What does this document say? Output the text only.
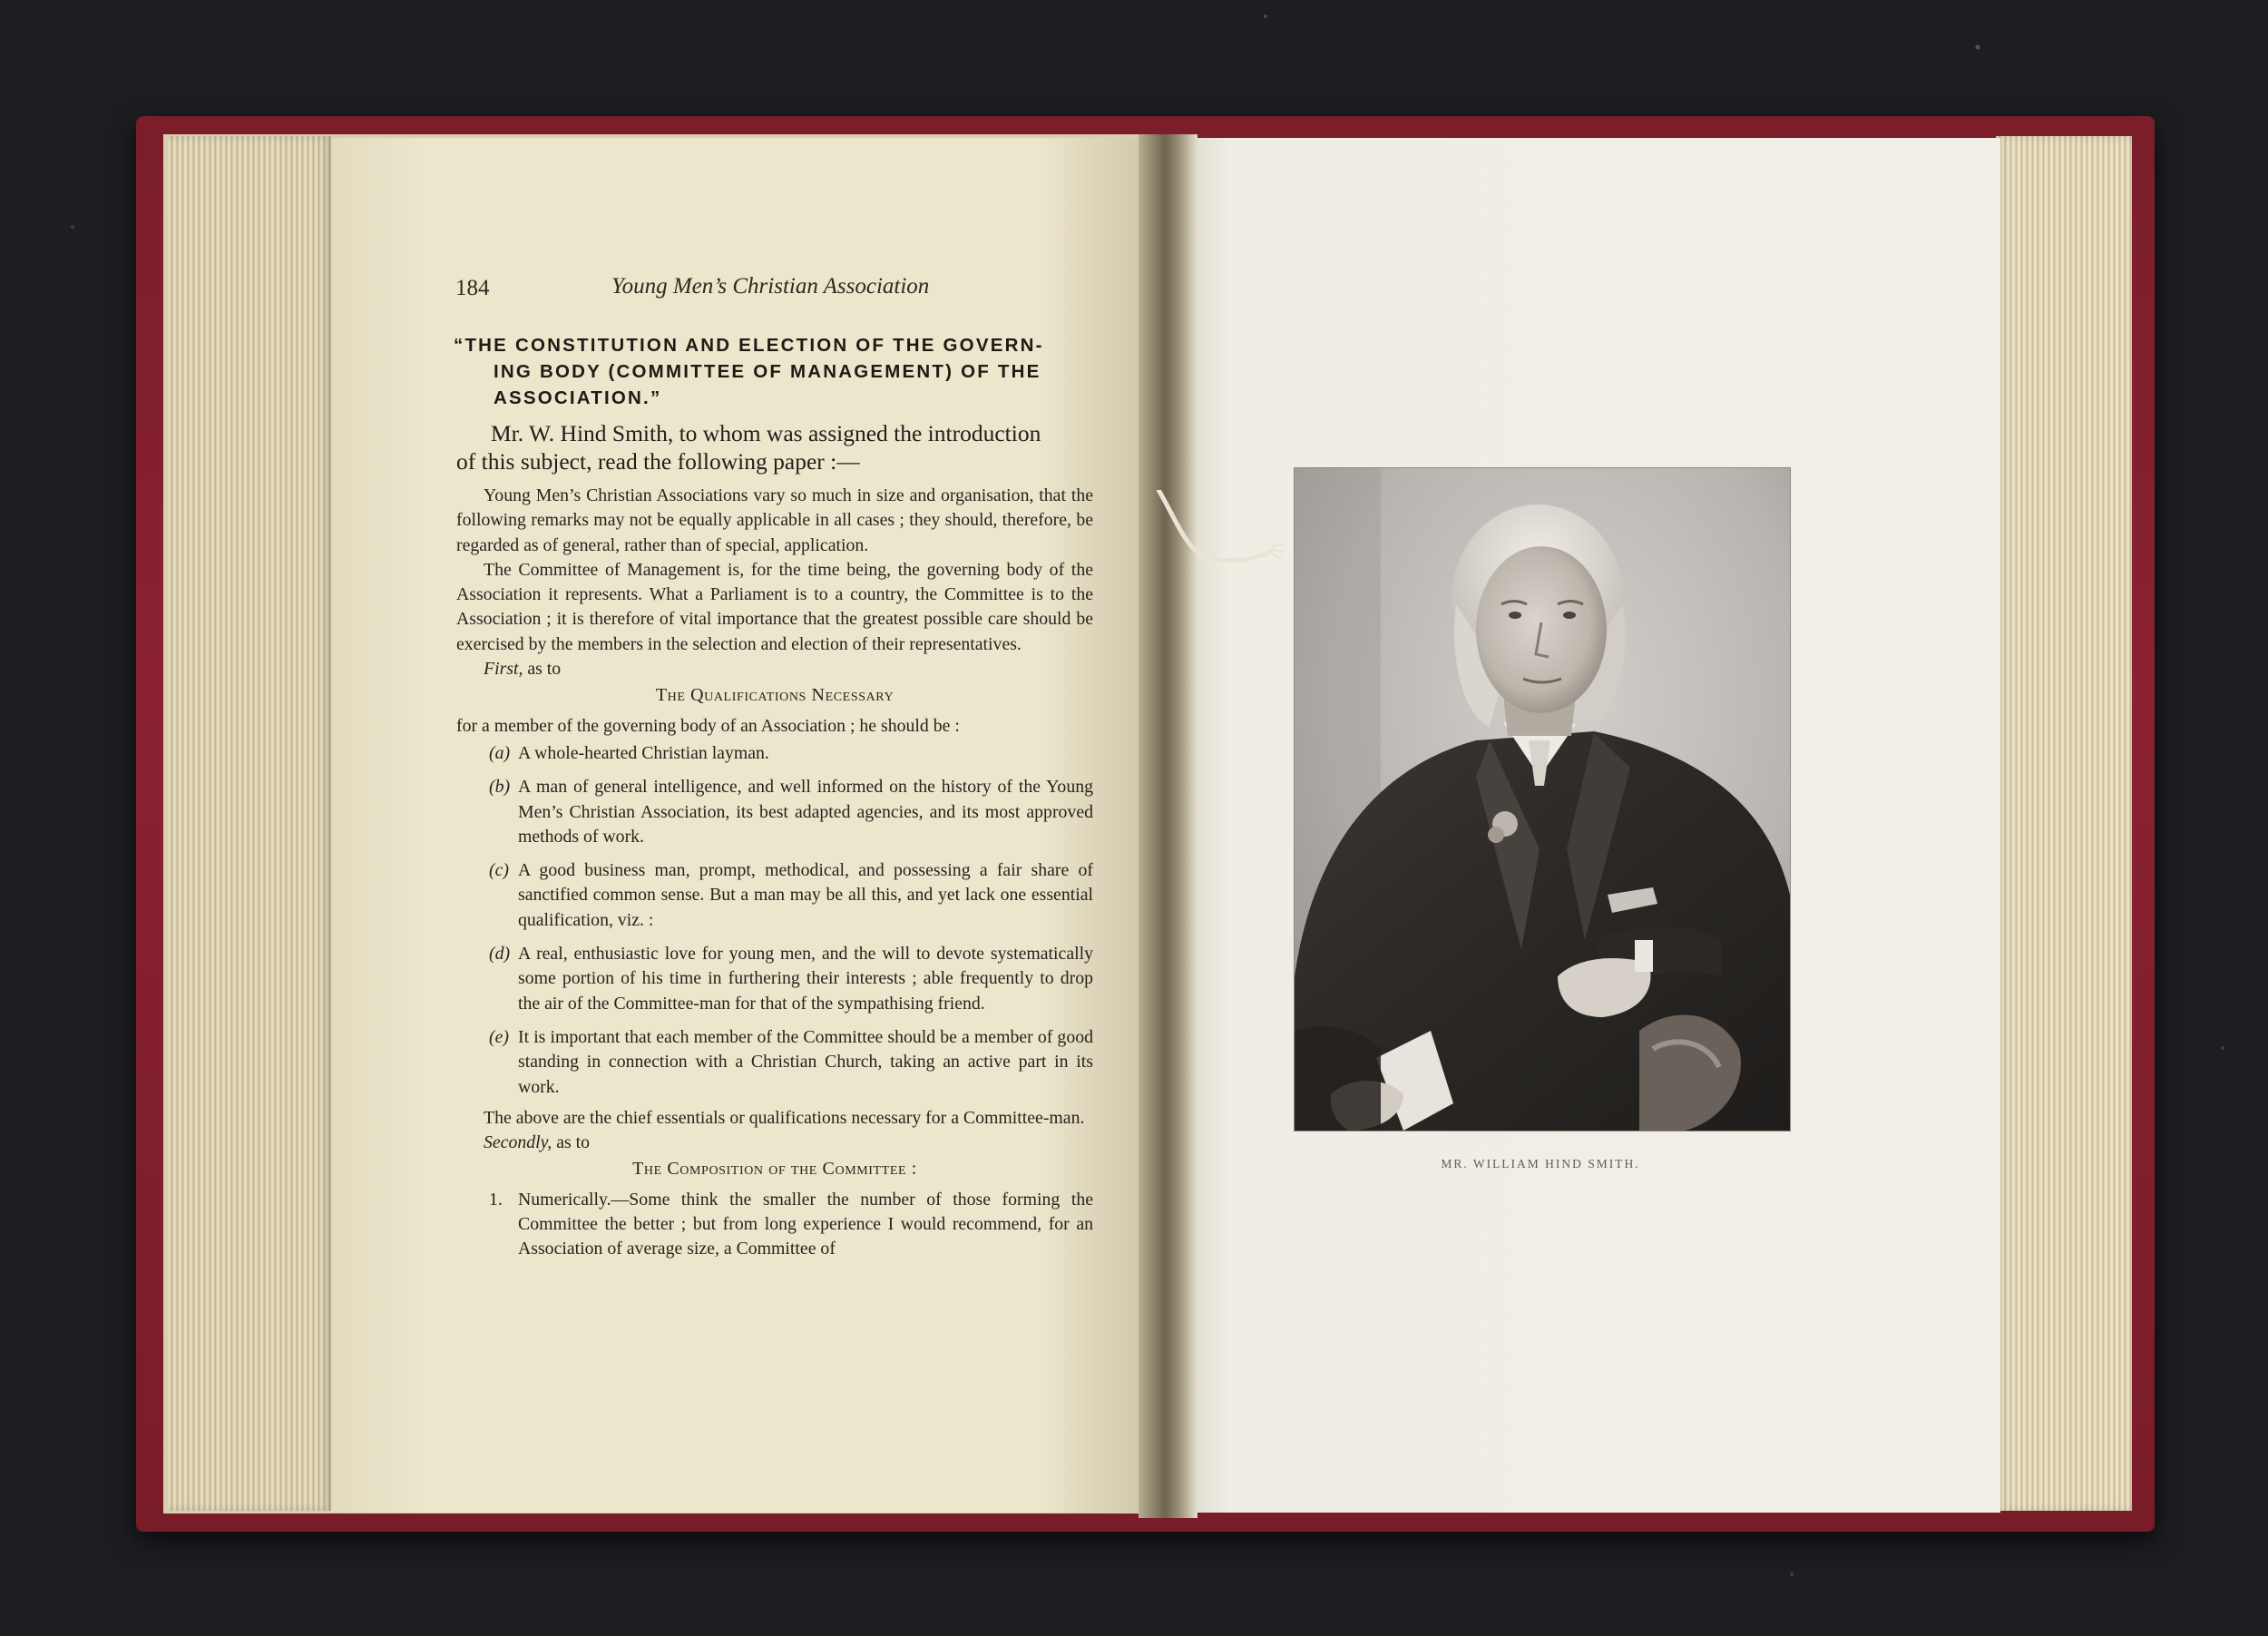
184	Young Men’s Christian Association
“THE CONSTITUTION AND ELECTION OF THE GOVERN-
ING BODY (COMMITTEE OF MANAGEMENT) OF THE
ASSOCIATION.”
Mr. W. Hind Smith, to whom was assigned the introduction
of this subject, read the following paper :—

Young Men’s Christian Associations vary so much in size and organisation, that the following remarks may not be equally applicable in all cases ; they should, therefore, be regarded as of general, rather than of special, application.

The Committee of Management is, for the time being, the governing body of the Association it represents. What a Parliament is to a country, the Committee is to the Association ; it is therefore of vital importance that the greatest possible care should be exercised by the members in the selection and election of their representatives.

First, as to

The Qualifications Necessary

for a member of the governing body of an Association ; he should be :

(a) A whole-hearted Christian layman.
(b) A man of general intelligence, and well informed on the history of the Young Men’s Christian Association, its best adapted agencies, and its most approved methods of work.
(c) A good business man, prompt, methodical, and possessing a fair share of sanctified common sense. But a man may be all this, and yet lack one essential qualification, viz. :
(d) A real, enthusiastic love for young men, and the will to devote systematically some portion of his time in furthering their interests ; able frequently to drop the air of the Committee-man for that of the sympathising friend.
(e) It is important that each member of the Committee should be a member of good standing in connection with a Christian Church, taking an active part in its work.

The above are the chief essentials or qualifications necessary for a Committee-man.

Secondly, as to

The Composition of the Committee :

1. Numerically.—Some think the smaller the number of those forming the Committee the better ; but from long experience I would recommend, for an Association of average size, a Committee of
MR. WILLIAM HIND SMITH.
